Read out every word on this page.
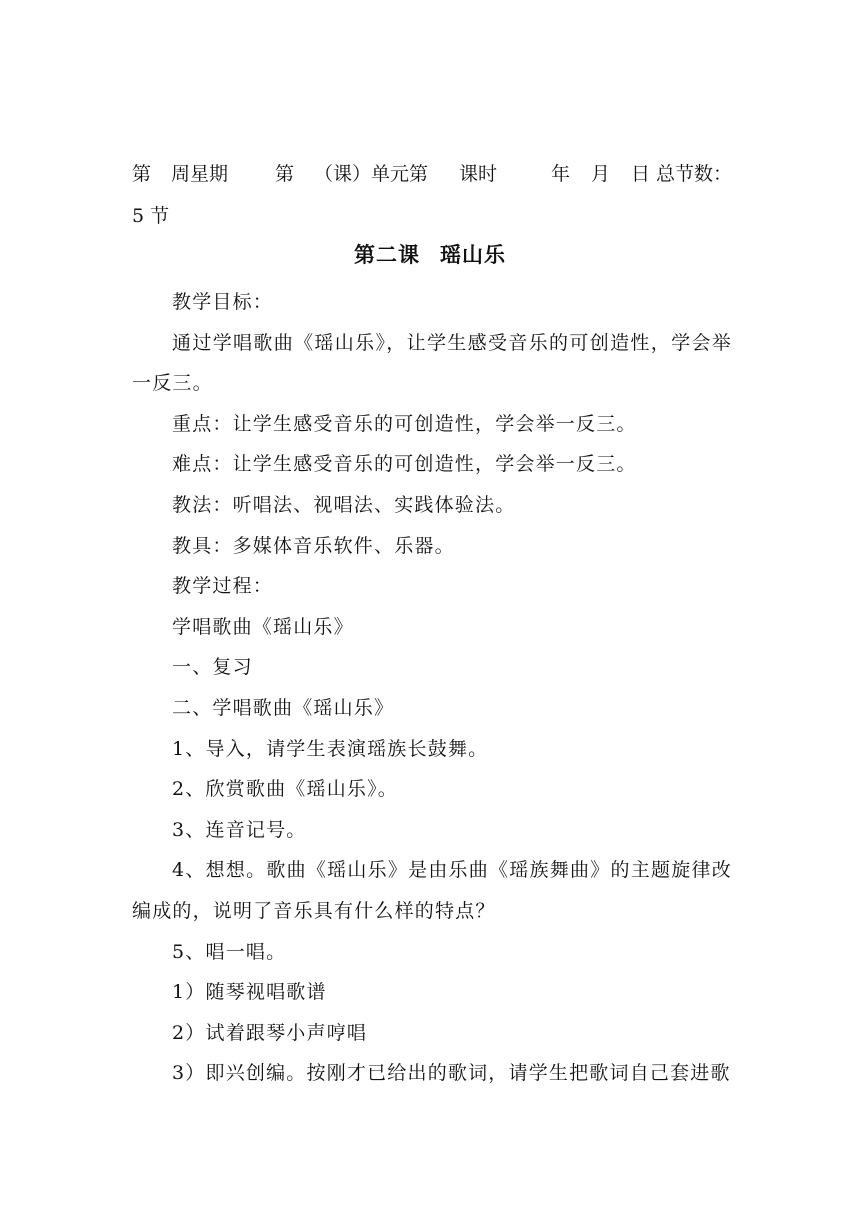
第 周星期 第 （课）单元第 课时	年 月 日 总节数：
5 节
第二课 瑶山乐

教学目标：

通过学唱歌曲《瑶山乐》，让学生感受音乐的可创造性，学会举一反三。

重点：让学生感受音乐的可创造性，学会举一反三。

难点：让学生感受音乐的可创造性，学会举一反三。

教法：听唱法、视唱法、实践体验法。

教具：多媒体音乐软件、乐器。

教学过程：

学唱歌曲《瑶山乐》

一、复习

二、学唱歌曲《瑶山乐》

1、导入，请学生表演瑶族长鼓舞。

2、欣赏歌曲《瑶山乐》。

3、连音记号。

4、想想。歌曲《瑶山乐》是由乐曲《瑶族舞曲》的主题旋律改编成的，说明了音乐具有什么样的特点？

5、唱一唱。

1）随琴视唱歌谱

2）试着跟琴小声哼唱

3）即兴创编。按刚才已给出的歌词，请学生把歌词自己套进歌
